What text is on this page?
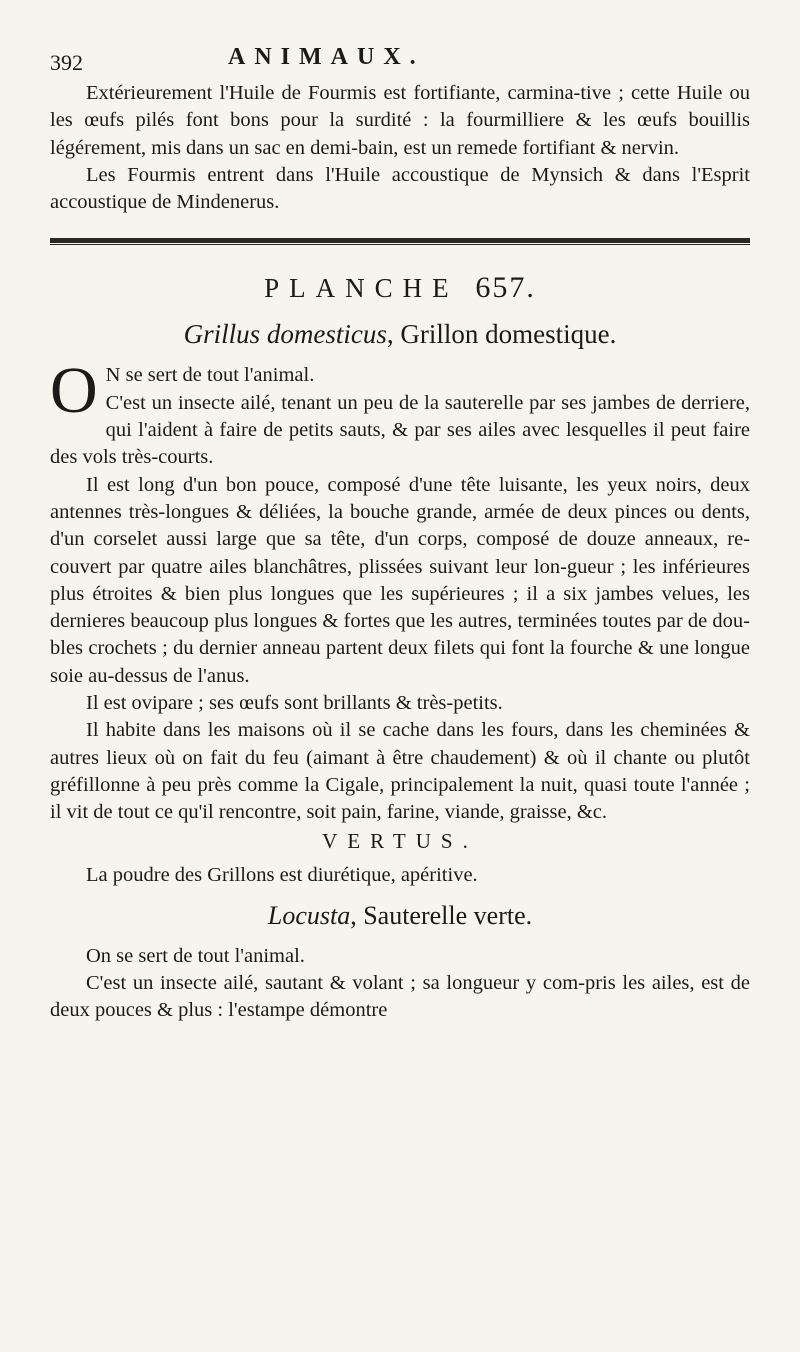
392	ANIMAUX.

Extérieurement l'Huile de Fourmis est fortifiante, carmina-tive ; cette Huile ou les œufs pilés font bons pour la surdité : la fourmilliere & les œufs bouillis légérement, mis dans un sac en demi-bain, est un remede fortifiant & nervin.

Les Fourmis entrent dans l'Huile accoustique de Mynsich & dans l'Esprit accoustique de Mindenerus.

PLANCHE 657.
Grillus domesticus, Grillon domestique.
O N se sert de tout l'animal.
C'est un insecte ailé, tenant un peu de la sauterelle par ses jambes de derriere, qui l'aident à faire de petits sauts, & par ses ailes avec lesquelles il peut faire des vols très-courts.

Il est long d'un bon pouce, composé d'une tête luisante, les yeux noirs, deux antennes très-longues & déliées, la bouche grande, armée de deux pinces ou dents, d'un corselet aussi large que sa tête, d'un corps, composé de douze anneaux, re-couvert par quatre ailes blanchâtres, plissées suivant leur lon-gueur ; les inférieures plus étroites & bien plus longues que les supérieures ; il a six jambes velues, les dernieres beaucoup plus longues & fortes que les autres, terminées toutes par de dou-bles crochets ; du dernier anneau partent deux filets qui font la fourche & une longue soie au-dessus de l'anus.

Il est ovipare ; ses œufs sont brillants & très-petits.

Il habite dans les maisons où il se cache dans les fours, dans les cheminées & autres lieux où on fait du feu (aimant à être chaudement) & où il chante ou plutôt gréfillonne à peu près comme la Cigale, principalement la nuit, quasi toute l'année ; il vit de tout ce qu'il rencontre, soit pain, farine, viande, graisse, &c.

VERTUS.

La poudre des Grillons est diurétique, apéritive.

Locusta, Sauterelle verte.

On se sert de tout l'animal.

C'est un insecte ailé, sautant & volant ; sa longueur y com-pris les ailes, est de deux pouces & plus : l'estampe démontre
